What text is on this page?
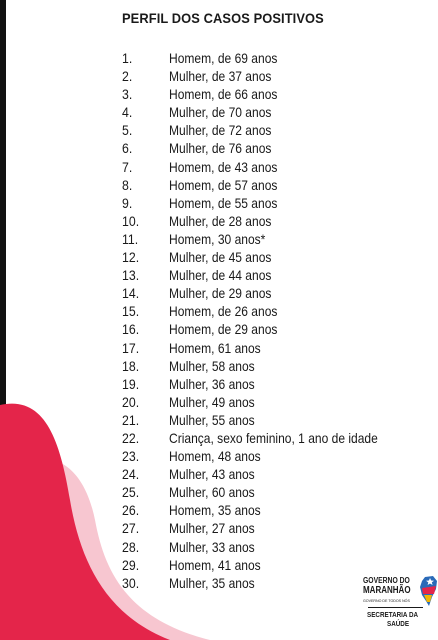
PERFIL DOS CASOS POSITIVOS
1.	Homem, de 69 anos
2.	Mulher, de 37 anos
3.	Homem, de 66 anos
4.	Mulher, de 70 anos
5.	Mulher, de 72 anos
6.	Mulher, de 76 anos
7.	Homem, de 43 anos
8.	Homem, de 57 anos
9.	Homem, de 55 anos
10. Mulher, de 28 anos
11. Homem, 30 anos*
12. Mulher, de 45 anos
13. Mulher, de 44 anos
14. Mulher, de 29 anos
15. Homem, de 26 anos
16. Homem, de 29 anos
17. Homem, 61 anos
18. Mulher, 58 anos
19. Mulher, 36 anos
20. Mulher, 49 anos
21. Mulher, 55 anos
22. Criança, sexo feminino, 1 ano de idade
23. Homem, 48 anos
24. Mulher, 43 anos
25. Mulher, 60 anos
26. Homem, 35 anos
27. Mulher, 27 anos
28. Mulher, 33 anos
29. Homem, 41 anos
30. Mulher, 35 anos	GOVERNO DO
MARANHÃO
GOVERNO DE TODOS NÓS
SECRETARIA DA
SAÚDE
